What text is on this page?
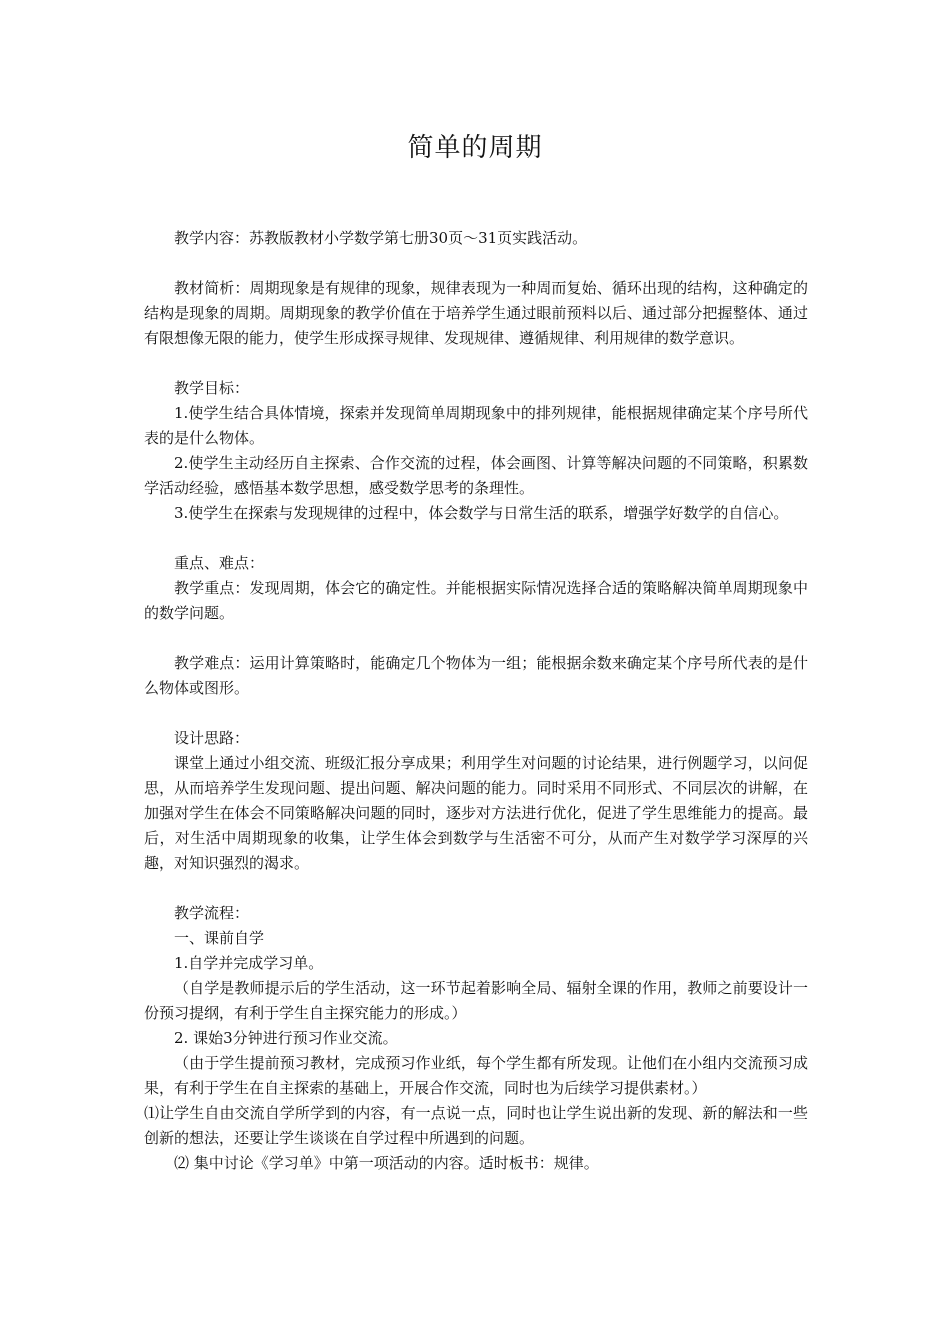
简单的周期

教学内容：苏教版教材小学数学第七册30页～31页实践活动。

教材简析：周期现象是有规律的现象，规律表现为一种周而复始、循环出现的结构，这种确定的结构是现象的周期。周期现象的教学价值在于培养学生通过眼前预料以后、通过部分把握整体、通过有限想像无限的能力，使学生形成探寻规律、发现规律、遵循规律、利用规律的数学意识。

教学目标：

1.使学生结合具体情境，探索并发现简单周期现象中的排列规律，能根据规律确定某个序号所代表的是什么物体。

2.使学生主动经历自主探索、合作交流的过程，体会画图、计算等解决问题的不同策略，积累数学活动经验，感悟基本数学思想，感受数学思考的条理性。

3.使学生在探索与发现规律的过程中，体会数学与日常生活的联系，增强学好数学的自信心。

重点、难点：

教学重点：发现周期，体会它的确定性。并能根据实际情况选择合适的策略解决简单周期现象中的数学问题。

教学难点：运用计算策略时，能确定几个物体为一组；能根据余数来确定某个序号所代表的是什么物体或图形。

设计思路：

课堂上通过小组交流、班级汇报分享成果；利用学生对问题的讨论结果，进行例题学习，以问促思，从而培养学生发现问题、提出问题、解决问题的能力。同时采用不同形式、不同层次的讲解，在加强对学生在体会不同策略解决问题的同时，逐步对方法进行优化，促进了学生思维能力的提高。最后，对生活中周期现象的收集，让学生体会到数学与生活密不可分，从而产生对数学学习深厚的兴趣，对知识强烈的渴求。

教学流程：

一、课前自学

1.自学并完成学习单。

（自学是教师提示后的学生活动，这一环节起着影响全局、辐射全课的作用，教师之前要设计一份预习提纲，有利于学生自主探究能力的形成。）

2. 课始3分钟进行预习作业交流。

（由于学生提前预习教材，完成预习作业纸，每个学生都有所发现。让他们在小组内交流预习成果，有利于学生在自主探索的基础上，开展合作交流，同时也为后续学习提供素材。）

⑴让学生自由交流自学所学到的内容，有一点说一点，同时也让学生说出新的发现、新的解法和一些创新的想法，还要让学生谈谈在自学过程中所遇到的问题。

⑵ 集中讨论《学习单》中第一项活动的内容。适时板书：规律。
